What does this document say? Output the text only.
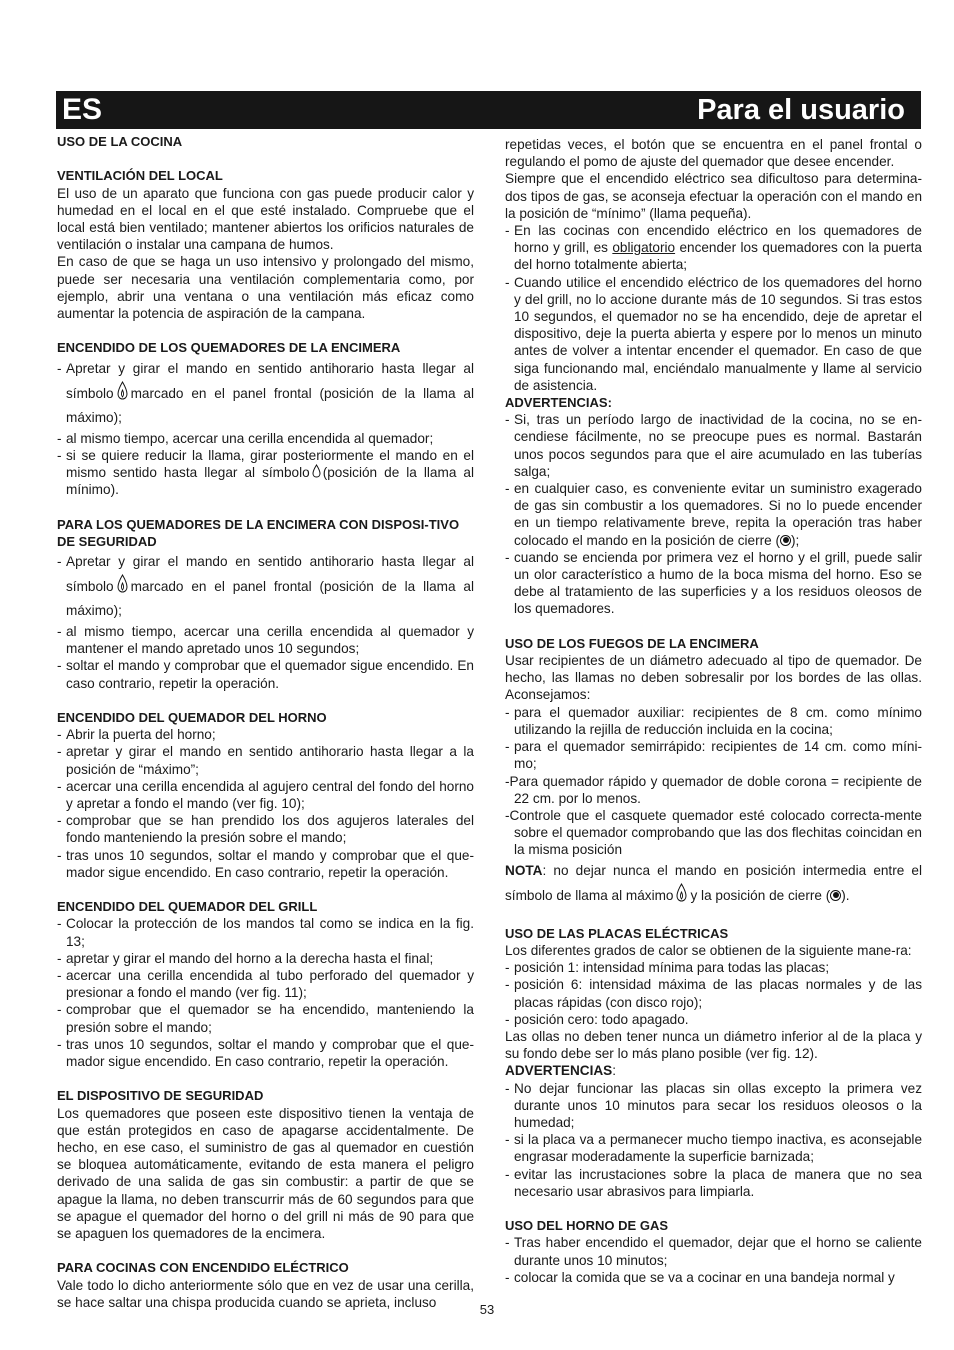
ES	Para el usuario
USO DE LA COCINA
VENTILACIÓN DEL LOCAL

El uso de un aparato que funciona con gas puede producir calor y humedad en el local en el que esté instalado. Compruebe que el local está bien ventilado; mantener abiertos los orificios naturales de ventilación o instalar una campana de humos.

En caso de que se haga un uso intensivo y prolongado del mismo, puede ser necesaria una ventilación complementaria como, por ejemplo, abrir una ventana o una ventilación más eficaz como aumentar la potencia de aspiración de la campana.

ENCENDIDO DE LOS QUEMADORES DE LA ENCIMERA
- Apretar y girar el mando en sentido antihorario hasta llegar al símbolo marcado en el panel frontal (posición de la llama al máximo);
- al mismo tiempo, acercar una cerilla encendida al quemador;
- si se quiere reducir la llama, girar posteriormente el mando en el mismo sentido hasta llegar al símbolo (posición de la llama al mínimo).
PARA LOS QUEMADORES DE LA ENCIMERA CON DISPOSI-TIVO DE SEGURIDAD
- Apretar y girar el mando en sentido antihorario hasta llegar al símbolo marcado en el panel frontal (posición de la llama al máximo);
- al mismo tiempo, acercar una cerilla encendida al quemador y mantener el mando apretado unos 10 segundos;
- soltar el mando y comprobar que el quemador sigue encendido. En caso contrario, repetir la operación.
ENCENDIDO DEL QUEMADOR DEL HORNO
- Abrir la puerta del horno;
- apretar y girar el mando en sentido antihorario hasta llegar a la posición de “máximo”;
- acercar una cerilla encendida al agujero central del fondo del horno y apretar a fondo el mando (ver fig. 10);
- comprobar que se han prendido los dos agujeros laterales del fondo manteniendo la presión sobre el mando;
- tras unos 10 segundos, soltar el mando y comprobar que el que-mador sigue encendido. En caso contrario, repetir la operación.
ENCENDIDO DEL QUEMADOR DEL GRILL
- Colocar la protección de los mandos tal como se indica en la fig. 13;
- apretar y girar el mando del horno a la derecha hasta el final;
- acercar una cerilla encendida al tubo perforado del quemador y presionar a fondo el mando (ver fig. 11);
- comprobar que el quemador se ha encendido, manteniendo la presión sobre el mando;
- tras unos 10 segundos, soltar el mando y comprobar que el que-mador sigue encendido. En caso contrario, repetir la operación.
EL DISPOSITIVO DE SEGURIDAD

Los quemadores que poseen este dispositivo tienen la ventaja de que están protegidos en caso de apagarse accidentalmente. De hecho, en ese caso, el suministro de gas al quemador en cuestión se bloquea automáticamente, evitando de esta manera el peligro derivado de una salida de gas sin combustir: a partir de que se apague la llama, no deben transcurrir más de 60 segundos para que se apague el quemador del horno o del grill ni más de 90 para que se apaguen los quemadores de la encimera.

PARA COCINAS CON ENCENDIDO ELÉCTRICO

Vale todo lo dicho anteriormente sólo que en vez de usar una cerilla, se hace saltar una chispa producida cuando se aprieta, incluso

repetidas veces, el botón que se encuentra en el panel frontal o regulando el pomo de ajuste del quemador que desee encender.

Siempre que el encendido eléctrico sea dificultoso para determina-dos tipos de gas, se aconseja efectuar la operación con el mando en la posición de “mínimo” (llama pequeña).

- En las cocinas con encendido eléctrico en los quemadores de horno y grill, es obligatorio encender los quemadores con la puerta del horno totalmente abierta;
- Cuando utilice el encendido eléctrico de los quemadores del horno y del grill, no lo accione durante más de 10 segundos. Si tras estos 10 segundos, el quemador no se ha encendido, deje de apretar el dispositivo, deje la puerta abierta y espere por lo menos un minuto antes de volver a intentar encender el quemador. En caso de que siga funcionando mal, enciéndalo manualmente y llame al servicio de asistencia.
ADVERTENCIAS:
- Si, tras un período largo de inactividad de la cocina, no se en-cendiese fácilmente, no se preocupe pues es normal. Bastarán unos pocos segundos para que el aire acumulado en las tuberías salga;
- en cualquier caso, es conveniente evitar un suministro exagerado de gas sin combustir a los quemadores. Si no lo puede encender en un tiempo relativamente breve, repita la operación tras haber colocado el mando en la posición de cierre ( );
- cuando se encienda por primera vez el horno y el grill, puede salir un olor característico a humo de la boca misma del horno. Eso se debe al tratamiento de las superficies y a los residuos oleosos de los quemadores.
USO DE LOS FUEGOS DE LA ENCIMERA

Usar recipientes de un diámetro adecuado al tipo de quemador. De hecho, las llamas no deben sobresalir por los bordes de las ollas. Aconsejamos:

- para el quemador auxiliar: recipientes de 8 cm. como mínimo utilizando la rejilla de reducción incluida en la cocina;
- para el quemador semirrápido: recipientes de 14 cm. como míni-mo;
-Para quemador rápido y quemador de doble corona = recipiente de 22 cm. por lo menos.
-Controle que el casquete quemador esté colocado correcta-mente sobre el quemador comprobando que las dos flechitas coincidan en la misma posición

NOTA: no dejar nunca el mando en posición intermedia entre el símbolo de llama al máximo y la posición de cierre ( ).

USO DE LAS PLACAS ELÉCTRICAS

Los diferentes grados de calor se obtienen de la siguiente mane-ra:

- posición 1: intensidad mínima para todas las placas;
- posición 6: intensidad máxima de las placas normales y de las placas rápidas (con disco rojo);
- posición cero: todo apagado.

Las ollas no deben tener nunca un diámetro inferior al de la placa y su fondo debe ser lo más plano posible (ver fig. 12).

ADVERTENCIAS:

- No dejar funcionar las placas sin ollas excepto la primera vez durante unos 10 minutos para secar los residuos oleosos o la humedad;
- si la placa va a permanecer mucho tiempo inactiva, es aconsejable engrasar moderadamente la superficie barnizada;
- evitar las incrustaciones sobre la placa de manera que no sea necesario usar abrasivos para limpiarla.
USO DEL HORNO DE GAS
- Tras haber encendido el quemador, dejar que el horno se caliente durante unos 10 minutos;
- colocar la comida que se va a cocinar en una bandeja normal y
53
